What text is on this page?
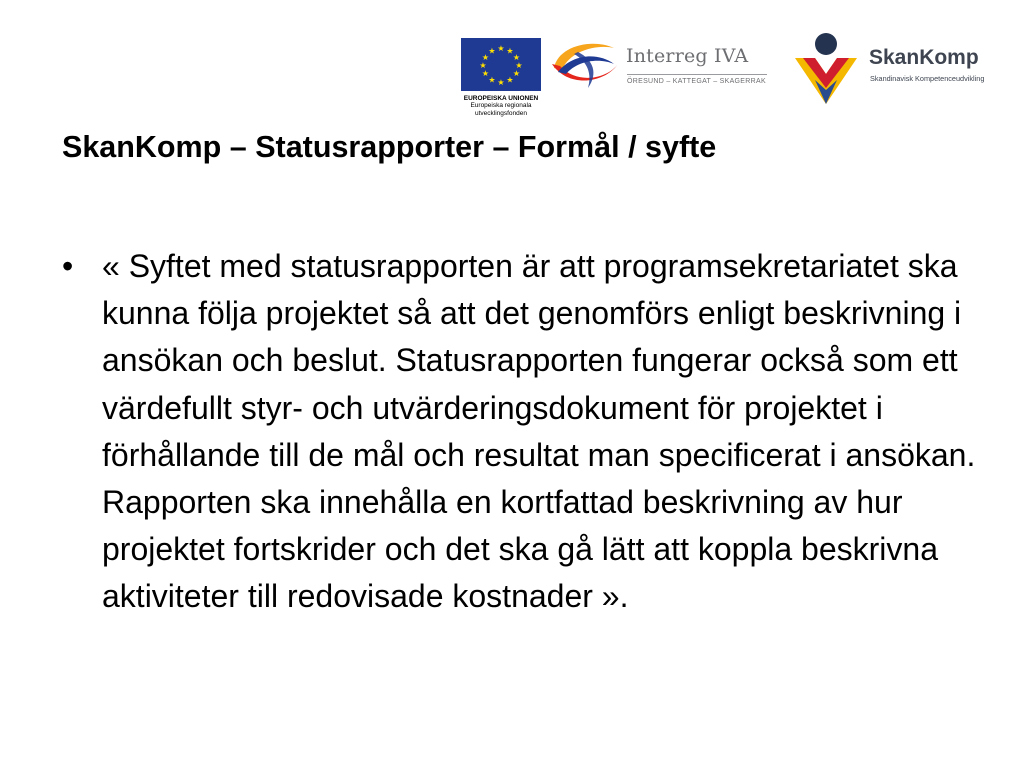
★ ★
★
★
★
★
★
★
★
★
★
★
EUROPEISKA UNIONEN
Europeiska regionala
utvecklingsfonden
Interreg IVA
ÖRESUND – KATTEGAT – SKAGERRAK
SkanKomp
Skandinavisk Kompetenceudvikling
SkanKomp – Statusrapporter – Formål / syfte
• « Syftet med statusrapporten är att programsekretariatet ska kunna följa projektet så att det genomförs enligt beskrivning i ansökan och beslut. Statusrapporten fungerar också som ett värdefullt styr- och utvärderingsdokument för projektet i förhållande till de mål och resultat man specificerat i ansökan. Rapporten ska innehålla en kortfattad beskrivning av hur projektet fortskrider och det ska gå lätt att koppla beskrivna aktiviteter till redovisade kostnader ».
